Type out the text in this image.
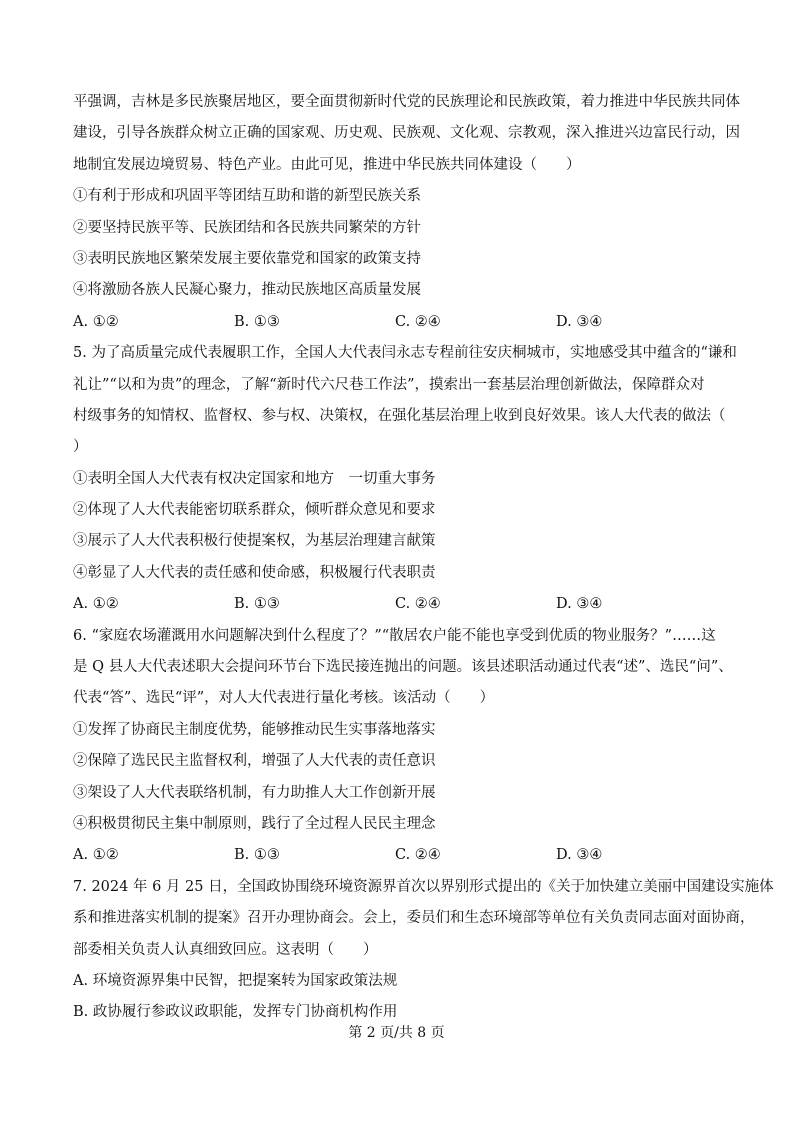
平强调，吉林是多民族聚居地区，要全面贯彻新时代党的民族理论和民族政策，着力推进中华民族共同体
建设，引导各族群众树立正确的国家观、历史观、民族观、文化观、宗教观，深入推进兴边富民行动，因
地制宜发展边境贸易、特色产业。由此可见，推进中华民族共同体建设（　　）
①有利于形成和巩固平等团结互助和谐的新型民族关系
②要坚持民族平等、民族团结和各民族共同繁荣的方针
③表明民族地区繁荣发展主要依靠党和国家的政策支持
④将激励各族人民凝心聚力，推动民族地区高质量发展
A. ①②	B. ①③	C. ②④	D. ③④
5. 为了高质量完成代表履职工作，全国人大代表闫永志专程前往安庆桐城市，实地感受其中蕴含的“谦和
礼让”“以和为贵”的理念，了解“新时代六尺巷工作法”，摸索出一套基层治理创新做法，保障群众对
村级事务的知情权、监督权、参与权、决策权，在强化基层治理上收到良好效果。该人大代表的做法（
）
①表明全国人大代表有权决定国家和地方　一切重大事务
②体现了人大代表能密切联系群众，倾听群众意见和要求
③展示了人大代表积极行使提案权，为基层治理建言献策
④彰显了人大代表的责任感和使命感，积极履行代表职责
A. ①②	B. ①③	C. ②④	D. ③④
6. “家庭农场灌溉用水问题解决到什么程度了？”“散居农户能不能也享受到优质的物业服务？”……这
是 Q 县人大代表述职大会提问环节台下选民接连抛出的问题。该县述职活动通过代表“述”、选民“问”、
代表“答”、选民“评”，对人大代表进行量化考核。该活动（　　）
①发挥了协商民主制度优势，能够推动民生实事落地落实
②保障了选民民主监督权利，增强了人大代表的责任意识
③架设了人大代表联络机制，有力助推人大工作创新开展
④积极贯彻民主集中制原则，践行了全过程人民民主理念
A. ①②	B. ①③	C. ②④	D. ③④
7. 2024 年 6 月 25 日，全国政协围绕环境资源界首次以界别形式提出的《关于加快建立美丽中国建设实施体
系和推进落实机制的提案》召开办理协商会。会上，委员们和生态环境部等单位有关负责同志面对面协商，
部委相关负责人认真细致回应。这表明（　　）
A. 环境资源界集中民智，把提案转为国家政策法规
B. 政协履行参政议政职能，发挥专门协商机构作用
第 2 页/共 8 页
